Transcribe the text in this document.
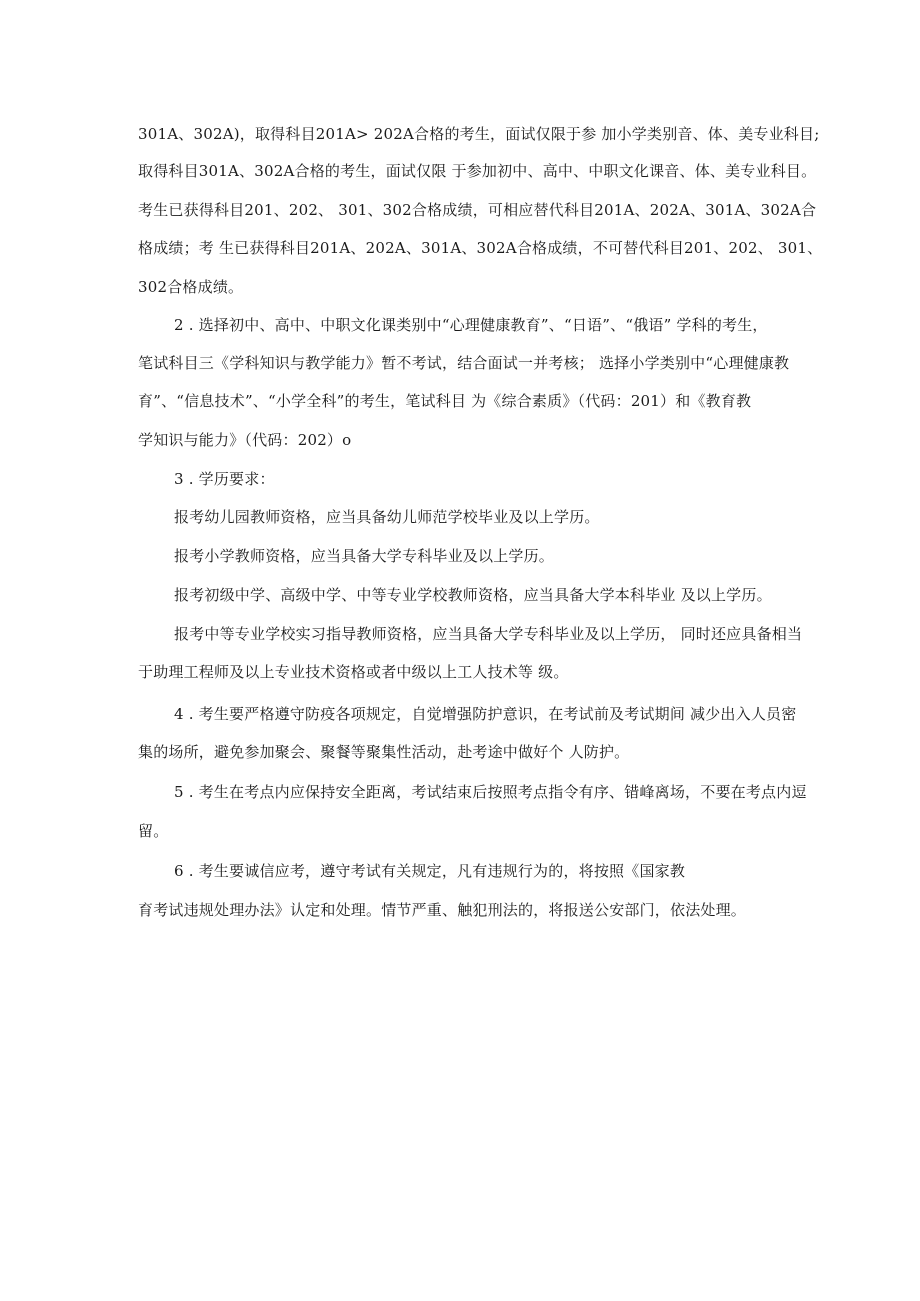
301A、302A)，取得科目201A> 202A合格的考生，面试仅限于参 加小学类别音、体、美专业科目;
取得科目301A、302A合格的考生，面试仅限 于参加初中、高中、中职文化课音、体、美专业科目。
考生已获得科目201、202、 301、302合格成绩，可相应替代科目201A、202A、301A、302A合
格成绩；考 生已获得科目201A、202A、301A、302A合格成绩，不可替代科目201、202、 301、
302合格成绩。
2 . 选择初中、高中、中职文化课类别中“心理健康教育”、“日语”、“俄语” 学科的考生，
笔试科目三《学科知识与教学能力》暂不考试，结合面试一并考核； 选择小学类别中“心理健康教
育”、“信息技术”、“小学全科”的考生，笔试科目 为《综合素质》（代码：201）和《教育教
学知识与能力》（代码：202）o
3 . 学历要求：
报考幼儿园教师资格，应当具备幼儿师范学校毕业及以上学历。
报考小学教师资格，应当具备大学专科毕业及以上学历。
报考初级中学、高级中学、中等专业学校教师资格，应当具备大学本科毕业 及以上学历。
报考中等专业学校实习指导教师资格，应当具备大学专科毕业及以上学历， 同时还应具备相当
于助理工程师及以上专业技术资格或者中级以上工人技术等 级。
4 . 考生要严格遵守防疫各项规定，自觉增强防护意识，在考试前及考试期间 减少出入人员密
集的场所，避免参加聚会、聚餐等聚集性活动，赴考途中做好个 人防护。
5 . 考生在考点内应保持安全距离，考试结束后按照考点指令有序、错峰离场，不要在考点内逗
留。
6 . 考生要诚信应考，遵守考试有关规定，凡有违规行为的，将按照《国家教
育考试违规处理办法》认定和处理。情节严重、触犯刑法的，将报送公安部门，依法处理。
